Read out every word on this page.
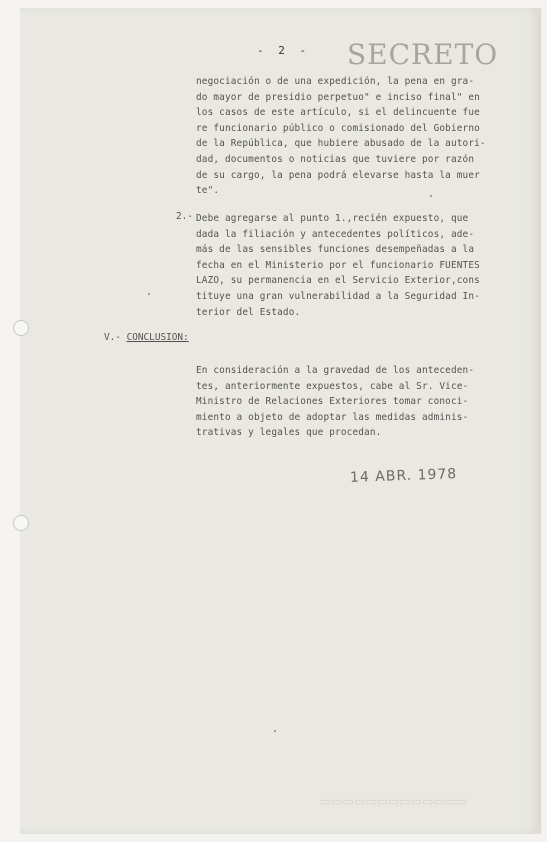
- 2 - SECRETO
negociación o de una expedición, la pena en gra-
do mayor de presidio perpetuo" e inciso final" en
los casos de este artículo, si el delincuente fue
re funcionario público o comisionado del Gobierno
de la República, que hubiere abusado de la autori-
dad, documentos o noticias que tuviere por razón
de su cargo, la pena podrá elevarse hasta la muer
te".
2.- Debe agregarse al punto 1.,recién expuesto, que
dada la filiación y antecedentes políticos, ade-
más de las sensibles funciones desempeñadas a la
fecha en el Ministerio por el funcionario FUENTES
LAZO, su permanencia en el Servicio Exterior,cons
tituye una gran vulnerabilidad a la Seguridad In-
terior del Estado.
V.- CONCLUSION:
En consideración a la gravedad de los anteceden-
tes, anteriormente expuestos, cabe al Sr. Vice-
Ministro de Relaciones Exteriores tomar conoci-
miento a objeto de adoptar las medidas adminis-
trativas y legales que procedan.
14 ABR. 1978
▭▭▭▭▭▭▭▭▭▭▭▭▭
